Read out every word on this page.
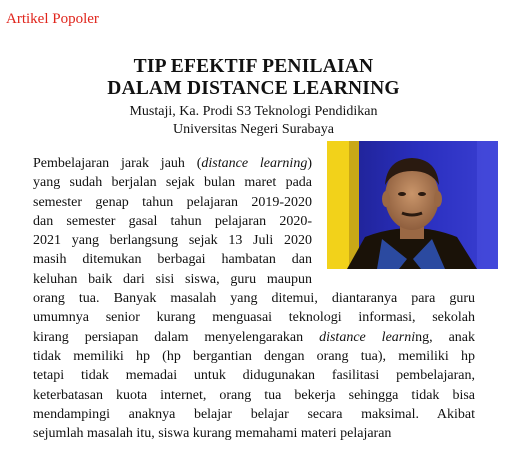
Artikel Popoler
TIP EFEKTIF PENILAIAN
DALAM DISTANCE LEARNING
Mustaji, Ka. Prodi S3 Teknologi Pendidikan
Universitas Negeri Surabaya
Pembelajaran jarak jauh (distance learning)
yang sudah berjalan sejak bulan maret pada
semester genap tahun pelajaran 2019-2020
dan semester gasal tahun pelajaran 2020-
2021 yang berlangsung sejak 13 Juli 2020
masih ditemukan berbagai hambatan dan
keluhan baik dari sisi siswa, guru maupun
orang tua. Banyak masalah yang ditemui, diantaranya para guru
umumnya senior kurang menguasai teknologi informasi, sekolah
kirang persiapan dalam menyelengarakan distance learning, anak
tidak memiliki hp (hp bergantian dengan orang tua), memiliki hp
tetapi tidak memadai untuk didugunakan fasilitasi pembelajaran,
keterbatasan kuota internet, orang tua bekerja sehingga tidak bisa
mendampingi anaknya belajar belajar secara maksimal. Akibat
sejumlah masalah itu, siswa kurang memahami materi pelajaran
